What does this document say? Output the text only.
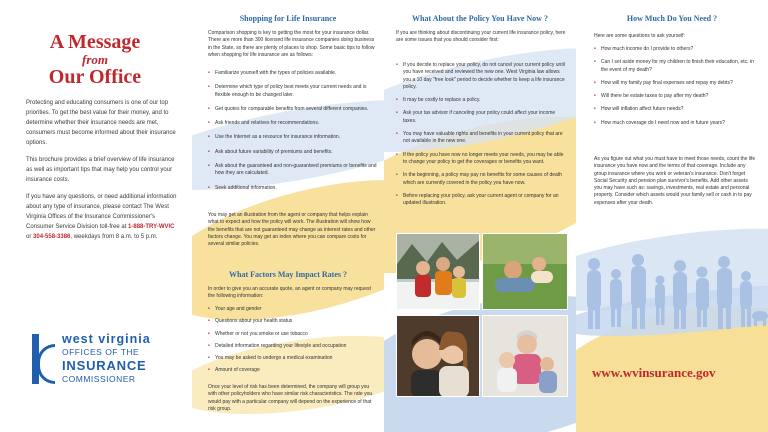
A Message
from
Our Office

Protecting and educating consumers is one of our top priorities. To get the best value for their money, and to determine whether their insurance needs are met, consumers must become informed about their insurance options.

This brochure provides a brief overview of life insurance as well as important tips that may help you control your insurance costs.

If you have any questions, or need additional information about any type of insurance, please contact The West Virginia Offices of the Insurance Commissioner's Consumer Service Division toll-free at 1-888-TRY-WVIC or 304-558-3386, weekdays from 8 a.m. to 5 p.m.

west virginia
OFFICES OF THE
INSURANCE
COMMISSIONER
Shopping for Life Insurance
Comparison shopping is key to getting the most for your insurance dollar. There are more than 300 licensed life insurance companies doing business in the State, so there are plenty of places to shop. Some basic tips to follow when shopping for life insurance are as follows:
• Familiarize yourself with the types of policies available.
• Determine which type of policy best meets your current needs and is flexible enough to be changed later.
• Get quotes for comparable benefits from several different companies.
• Ask friends and relatives for recommendations.
• Use the Internet as a resource for insurance information.
• Ask about future variability of premiums and benefits.
• Ask about the guaranteed and non-guaranteed premiums or benefits and how they are calculated.
• Seek additional information.
You may get an illustration from the agent or company that helps explain what to expect and how the policy will work. The illustration will show how the benefits that are not guaranteed may change as interest rates and other factors change. You may get an index where you can compare costs for several similar policies.
What Factors May Impact Rates ?
In order to give you an accurate quote, an agent or company may request the following information:
• Your age and gender
• Questions about your health status
• Whether or not you smoke or use tobacco
• Detailed information regarding your lifestyle and occupation
• You may be asked to undergo a medical examination
• Amount of coverage
Once your level of risk has been determined, the company will group you with other policyholders who have similar risk characteristics. The rate you would pay with a particular company will depend on the experience of that risk group.
What About the Policy You Have Now ?
If you are thinking about discontinuing your current life insurance policy, here are some issues that you should consider first:
• If you decide to replace your policy, do not cancel your current policy until you have received and reviewed the new one. West Virginia law allows you a 10 day "free look" period to decide whether to keep a life insurance policy.
• It may be costly to replace a policy.
• Ask your tax advisor if canceling your policy could affect your income taxes.
• You may have valuable rights and benefits in your current policy that are not available in the new one.
• If the policy you have now no longer meets your needs, you may be able to change your policy to get the coverages or benefits you want.
• In the beginning, a policy may pay no benefits for some causes of death which are currently covered in the policy you have now.
• Before replacing your policy, ask your current agent or company for an updated illustration.
How Much Do You Need ?
Here are some questions to ask yourself:
• How much income do I provide to others?
• Can I set aside money for my children to finish their education, etc. in the event of my death?
• How will my family pay final expenses and repay my debts?
• Will there be estate taxes to pay after my death?
• How will inflation affect future needs?
• How much coverage do I need now and in future years?
As you figure out what you must have to meet those needs, count the life insurance you have now and the terms of that coverage. Include any group insurance where you work or veteran's insurance. Don't forget Social Security and pension plan survivor's benefits. Add other assets you may have such as: savings, investments, real estate and personal property. Consider which assets would your family sell or cash in to pay expenses after your death.
www.wvinsurance.gov
